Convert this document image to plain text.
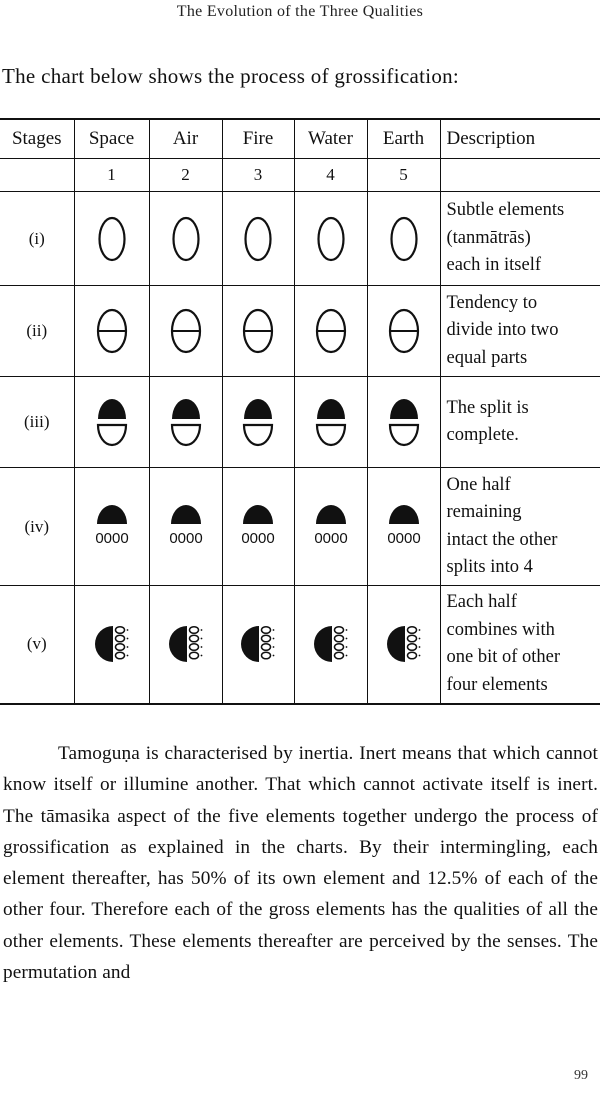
The Evolution of the Three Qualities
The chart below shows the process of grossification:
Stages	Space	Air	Fire	Water	Earth	Description
	1	2	3	4	5	
(i)						Subtle elements
(tanmātrās)
each in itself

(ii)						Tendency to
divide into two
equal parts

(iii)						The split is
complete.

(iv)	0000	0000	0000	0000	0000	One half
remaining
intact the other
splits into 4

(v)						Each half
combines with
one bit of other
four elements
Tamoguṇa is characterised by inertia. Inert means that which cannot know itself or illumine another. That which cannot activate itself is inert. The tāmasika aspect of the five elements together undergo the process of grossification as explained in the charts. By their intermingling, each element thereafter, has 50% of its own element and 12.5% of each of the other four. Therefore each of the gross elements has the qualities of all the other elements. These elements thereafter are perceived by the senses. The permutation and
99
